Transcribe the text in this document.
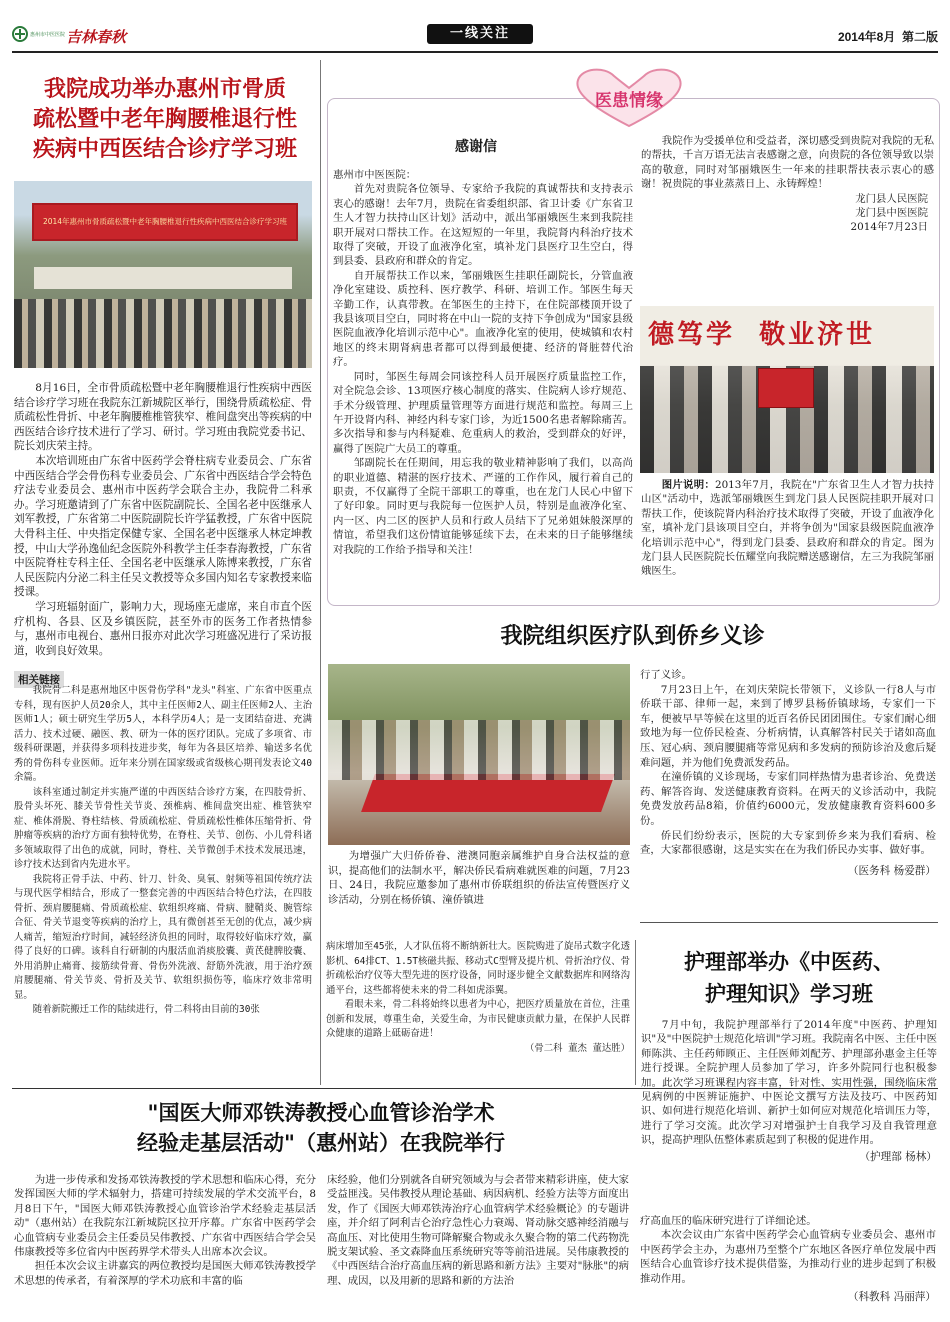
惠州市中医医院 吉林春秋	一线关注	2014年8月  第二版
我院成功举办惠州市骨质
疏松暨中老年胸腰椎退行性
疾病中西医结合诊疗学习班
2014年惠州市骨质疏松暨中老年胸腰椎退行性疾病中西医结合诊疗学习班

8月16日，全市骨质疏松暨中老年胸腰椎退行性疾病中西医结合诊疗学习班在我院东江新城院区举行，围绕骨质疏松症、骨质疏松性骨折、中老年胸腰椎椎管狭窄、椎间盘突出等疾病的中西医结合诊疗技术进行了学习、研讨。学习班由我院党委书记、院长刘庆荣主持。

本次培训班由广东省中医药学会脊柱病专业委员会、广东省中西医结合学会骨伤科专业委员会、广东省中西医结合学会特色疗法专业委员会、惠州市中医药学会联合主办，我院骨二科承办。学习班邀请到了广东省中医院副院长、全国名老中医继承人刘军教授，广东省第二中医院副院长许学猛教授，广东省中医院大骨科主任、中央指定保健专家、全国名老中医继承人林定坤教授，中山大学孙逸仙纪念医院外科教学主任李春海教授，广东省中医院脊柱专科主任、全国名老中医继承人陈博来教授，广东省人民医院内分泌二科主任吴文教授等众多国内知名专家教授来临授课。

学习班辐射面广，影响力大，现场座无虚席，来自市直个医疗机构、各县、区及乡镇医院，甚至外市的医务工作者热情参与，惠州市电视台、惠州日报亦对此次学习班盛况进行了采访报道，收到良好效果。

相关链接

我院骨二科是惠州地区中医骨伤学科"龙头"科室、广东省中医重点专科，现有医护人员20余人，其中主任医师2人、副主任医师2人、主治医师1人；硕士研究生学历5人，本科学历4人；是一支团结奋进、充满活力、技术过硬、融医、教、研为一体的医疗团队。完成了多项省、市级科研课题，并获得多项科技进步奖，每年为各县区培养、输送多名优秀的骨伤科专业医师。近年来分别在国家级或省级核心期刊发表论文40余篇。

该科室通过制定并实施严谨的中西医结合诊疗方案，在四肢骨折、股骨头坏死、膝关节骨性关节炎、颈椎病、椎间盘突出症、椎管狭窄症、椎体滑脱、脊柱结核、骨质疏松症、骨质疏松性椎体压缩骨折、骨肿瘤等疾病的治疗方面有独特优势，在脊柱、关节、创伤、小儿骨科诸多领域取得了出色的成就，同时，脊柱、关节微创手术技术发展迅速，诊疗技术达到省内先进水平。

我院将正骨手法、中药、针刀、针灸、臭氧、射频等祖国传统疗法与现代医学相结合，形成了一整套完善的中西医结合特色疗法，在四肢骨折、颈肩腰腿痛、骨质疏松症、软组织疼痛、骨病、腱鞘炎、腕管综合征、骨关节退变等疾病的治疗上，具有微创甚至无创的优点，减少病人痛苦，缩短治疗时间，减轻经济负担的同时，取得较好临床疗效，赢得了良好的口碑。该科自行研制的内服活血消痰胶囊、黄芪健脾胶囊、外用消肿止痛膏、接筋续骨膏、骨伤外洗液、舒筋外洗液，用于治疗颈肩腰腿痛、骨关节炎、骨折及关节、软组织损伤等，临床疗效非常明显。

随着新院搬迁工作的陆续进行，骨二科将由目前的30张

病床增加至45张，人才队伍将不断纳新壮大。医院购进了旋吊式数字化透影机、64排CT、1.5T核磁共振、移动式C型臂及提片机、骨折治疗仪、骨折疏松治疗仪等大型先进的医疗设备，同时逐步健全文献数据库和网络沟通平台，这些都将使未来的骨二科如虎添翼。

看眼未来，骨二科将始终以患者为中心，把医疗质量放在首位，注重创新和发展，尊重生命，关爱生命，为市民健康贡献力量，在保护人民群众健康的道路上砥砺奋进！

（骨二科 董杰 董达胜）
医患情缘
感谢信
惠州市中医医院：

首先对贵院各位领导、专家给予我院的真诚帮扶和支持表示衷心的感谢！去年7月，贵院在省委组织部、省卫计委《广东省卫生人才智力扶持山区计划》活动中，派出邹丽娥医生来到我院挂职开展对口帮扶工作。在这短短的一年里，我院肾内科治疗技术取得了突破，开设了血液净化室，填补龙门县医疗卫生空白，得到县委、县政府和群众的肯定。

自开展帮扶工作以来，邹丽娥医生挂职任副院长，分管血液净化室建设、质控科、医疗教学、科研、培训工作。邹医生每天辛勤工作，认真带教。在邹医生的主持下，在住院部楼顶开设了我县该项目空白，同时将在中山一院的支持下争创成为"国家县级医院血液净化培训示范中心"。血液净化室的使用，使城镇和农村地区的终末期肾病患者都可以得到最便捷、经济的肾脏替代治疗。

同时，邹医生每周会同该控科人员开展医疗质量监控工作，对全院急会诊、13项医疗核心制度的落实、住院病人诊疗规范、手术分级管理、护理质量管理等方面进行规范和监控。每周三上午开设肾内科、神经内科专家门诊，为近1500名患者解除痛苦。多次指导和参与内科疑难、危重病人的救治，受到群众的好评，赢得了医院广大员工的尊重。

邹副院长在任期间，用忘我的敬业精神影响了我们，以高尚的职业道德、精湛的医疗技术、严谨的工作作风，履行着自己的职责，不仅赢得了全院干部职工的尊重，也在龙门人民心中留下了好印象。同时更与我院每一位医护人员，特别是血液净化室、内一区、内二区的医护人员和行政人员结下了兄弟姐妹般深厚的情谊，希望我们这份情谊能够延续下去，在未来的日子能够继续对我院的工作给予指导和关注！

我院作为受援单位和受益者，深切感受到贵院对我院的无私的帮扶，千言万语无法言表感谢之意，向贵院的各位领导致以崇高的敬意，同时对邹丽娥医生一年来的挂职帮扶表示衷心的感谢！祝贵院的事业蒸蒸日上、永铸辉煌！

龙门县人民医院
龙门县中医医院
2014年7月23日
德笃学  敬业济世

图片说明：2013年7月，我院在"广东省卫生人才智力扶持山区"活动中，选派邹丽娥医生到龙门县人民医院挂职开展对口帮扶工作，使该院肾内科治疗技术取得了突破，开设了血液净化室，填补龙门县该项目空白，并将争创为"国家县级医院血液净化培训示范中心"，得到龙门县委、县政府和群众的肯定。图为龙门县人民医院院长伍耀堂向我院赠送感谢信，左三为我院邹丽娥医生。

我院组织医疗队到侨乡义诊

为增强广大归侨侨眷、港澳同胞亲属维护自身合法权益的意识，提高他们的法制水平，解决侨民看病难就医难的问题，7月23日、24日，我院应邀参加了惠州市侨联组织的侨法宣传暨医疗义诊活动，分别在杨侨镇、潼侨镇进

行了义诊。

7月23日上午，在刘庆荣院长带领下，义诊队一行8人与市侨联干部、律师一起，来到了博罗县杨侨镇球场，专家们一下车，便被早早等候在这里的近百名侨民团团围住。专家们耐心细致地为每一位侨民检查、分析病情，认真解答村民关于诸如高血压、冠心病、颈肩腰腿痛等常见病和多发病的预防诊治及愈后疑难问题，并为他们免费派发药品。

在潼侨镇的义诊现场，专家们同样热情为患者诊治、免费送药、解答咨询、发送健康教育资料。在两天的义诊活动中，我院免费发放药品8箱，价值约6000元，发放健康教育资料600多份。

侨民们纷纷表示，医院的大专家到侨乡来为我们看病、检查，大家都很感谢，这是实实在在为我们侨民办实事、做好事。

（医务科 杨爱群）
护理部举办《中医药、
护理知识》学习班

7月中旬，我院护理部举行了2014年度"中医药、护理知识"及"中医院护士规范化培训"学习班。我院南名中医、主任中医师陈洪、主任药师顾正、主任医师刘配芳、护理部孙惠金主任等进行授课。全院护理人员参加了学习，许多外院同行也积极参加。此次学习班课程内容丰富，针对性、实用性强，围绕临床常见病例的中医辨证施护、中医论文撰写方法及技巧、中医药知识、如何进行规范化培训、新护士如何应对规范化培训压力等，进行了学习交流。此次学习对增强护士自我学习及自我管理意识，提高护理队伍整体素质起到了积极的促进作用。

（护理部 杨林）
"国医大师邓铁涛教授心血管诊治学术
经验走基层活动"（惠州站）在我院举行

为进一步传承和发扬邓铁涛教授的学术思想和临床心得，充分发挥国医大师的学术辐射力，搭建可持续发展的学术交流平台，8月8日下午，"国医大师邓铁涛教授心血管诊治学术经验走基层活动"（惠州站）在我院东江新城院区拉开序幕。广东省中医药学会心血管病专业委员会主任委员吴伟教授、广东省中西医结合学会吴伟康教授等多位省内中医药界学术带头人出席本次会议。

担任本次会议主讲嘉宾的两位教授均是国医大师邓铁涛教授学术思想的传承者，有着深厚的学术功底和丰富的临

床经验，他们分别就各自研究领域为与会者带来精彩讲座，使大家受益匪浅。吴伟教授从理论基础、病因病机、经验方法等方面度出发，作了《国医大师邓铁涛治疗心血管病学术经验概论》的专题讲座，并介绍了阿利吉仑治疗急性心力衰竭、肾动脉交感神经消融与高血压、对比使用生物可降解聚合物或永久聚合物的第二代药物洗脱支架试验、圣文森降血压系统研究等等前沿进展。吴伟康教授的《中西医结合治疗高血压病的新思路和新方法》主要对"脉胀"的病理、成因，以及用新的思路和新的方法治

疗高血压的临床研究进行了详细论述。

本次会议由广东省中医药学会心血管病专业委员会、惠州市中医药学会主办，为惠州乃至整个广东地区各医疗单位发展中西医结合心血管诊疗技术提供借鉴，为推动行业的进步起到了积极推动作用。

（科教科 冯丽萍）
